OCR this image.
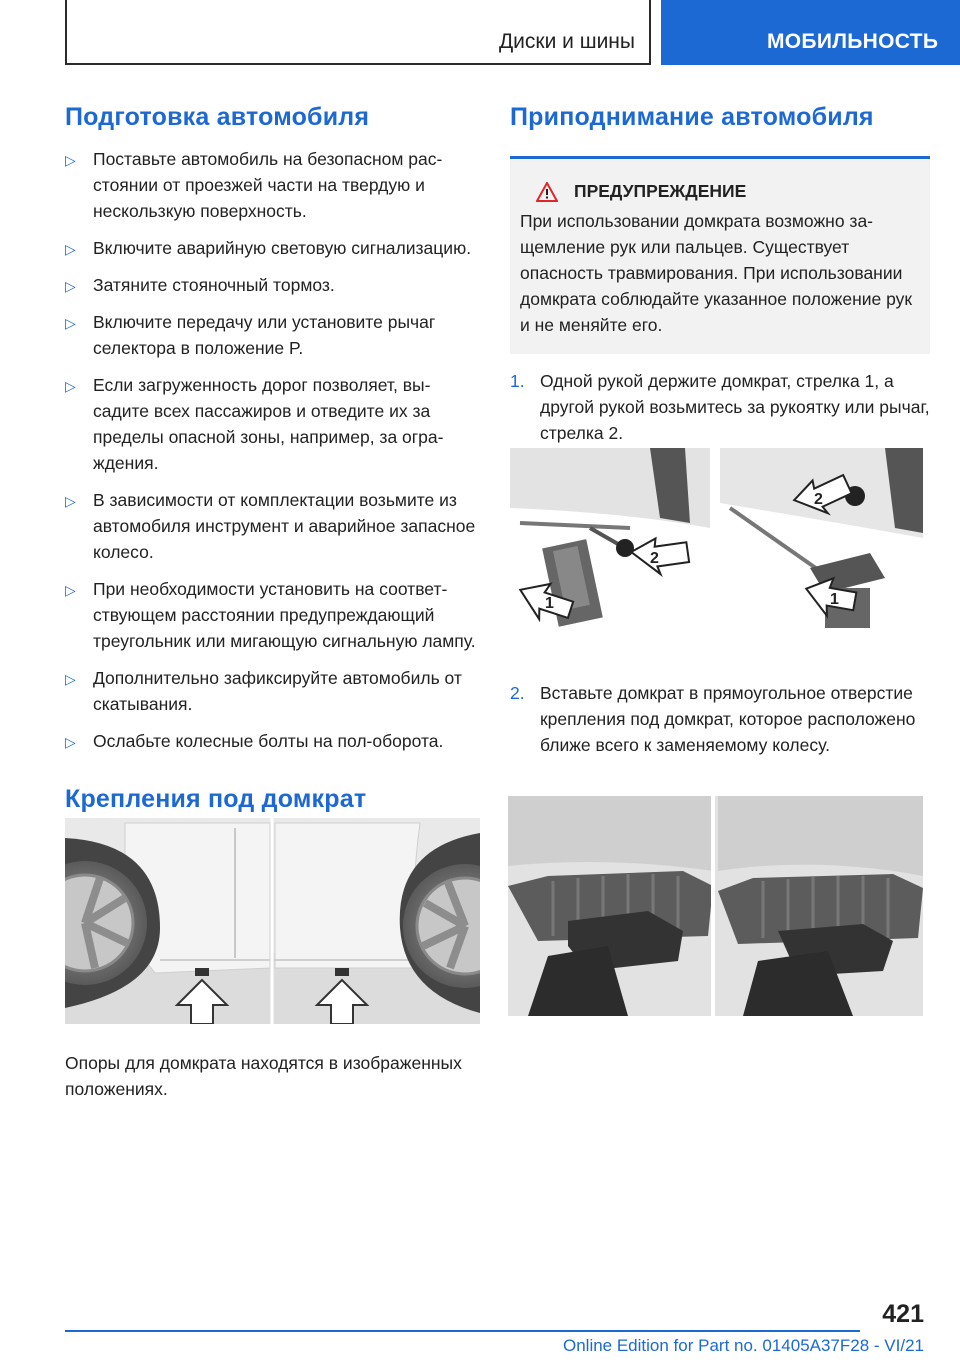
Диски и шины	МОБИЛЬНОСТЬ
Подготовка автомобиля
▷ Поставьте автомобиль на безопасном расстоянии от проезжей части на твердую и нескользкую поверхность.
▷ Включите аварийную световую сигнализацию.
▷ Затяните стояночный тормоз.
▷ Включите передачу или установите рычаг селектора в положение P.
▷ Если загруженность дорог позволяет, высадите всех пассажиров и отведите их за пределы опасной зоны, например, за ограждения.
▷ В зависимости от комплектации возьмите из автомобиля инструмент и аварийное запасное колесо.
▷ При необходимости установить на соответствующем расстоянии предупреждающий треугольник или мигающую сигнальную лампу.
▷ Дополнительно зафиксируйте автомобиль от скатывания.
▷ Ослабьте колесные болты на пол-оборота.
Крепления под домкрат
Опоры для домкрата находятся в изображенных положениях.
Приподнимание автомобиля
ПРЕДУПРЕЖДЕНИЕ
При использовании домкрата возможно защемление рук или пальцев. Существует опасность травмирования. При использовании домкрата соблюдайте указанное положение рук и не меняйте его.
1. Одной рукой держите домкрат, стрелка 1, а другой рукой возьмитесь за рукоятку или рычаг, стрелка 2.
1
2
2
1
2. Вставьте домкрат в прямоугольное отверстие крепления под домкрат, которое расположено ближе всего к заменяемому колесу.
421
Online Edition for Part no. 01405A37F28 - VI/21
